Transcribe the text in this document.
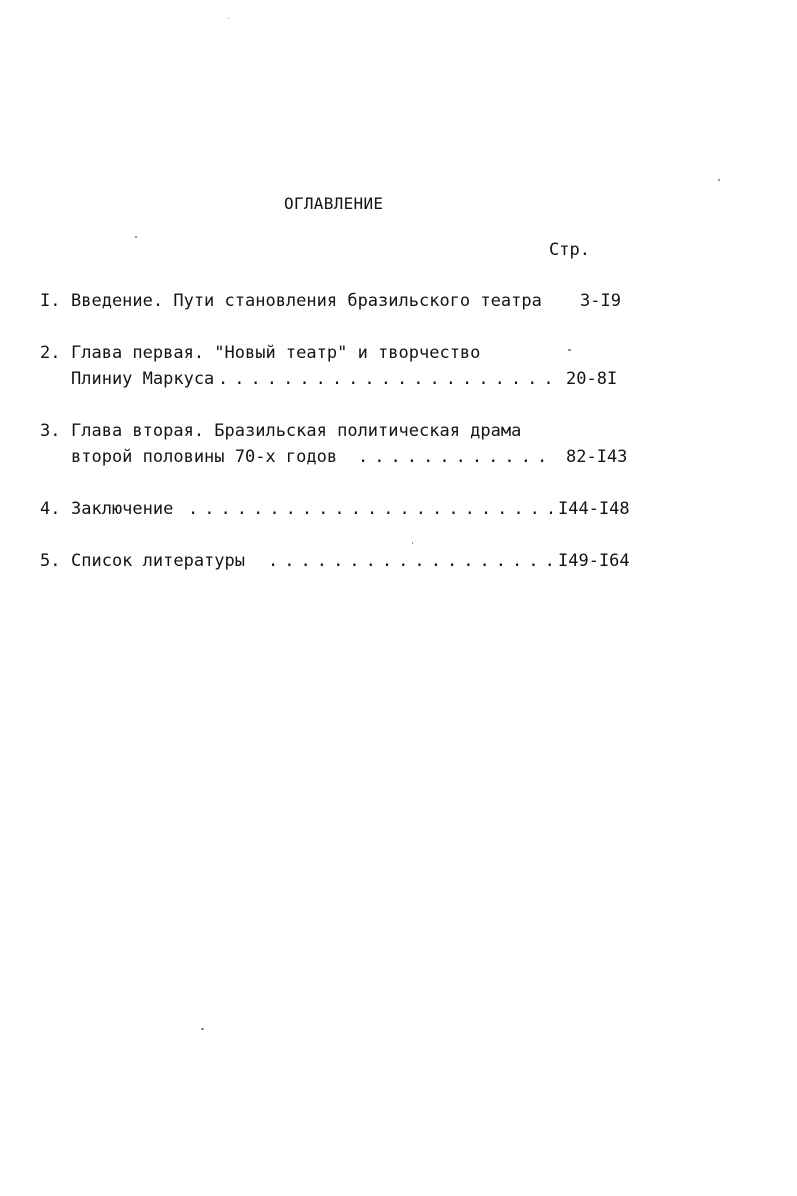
ОГЛАВЛЕНИЕ
Стр.
I. Введение. Пути становления бразильского театра 3-I9
2. Глава первая. "Новый театр" и творчество
Плиниу Маркуса . . .	20-8I
3. Глава вторая. Бразильская политическая драма
второй половины 70-х годов . . .	82-I43
4. Заключение . . .	I44-I48
5. Список литературы . . .	I49-I64
